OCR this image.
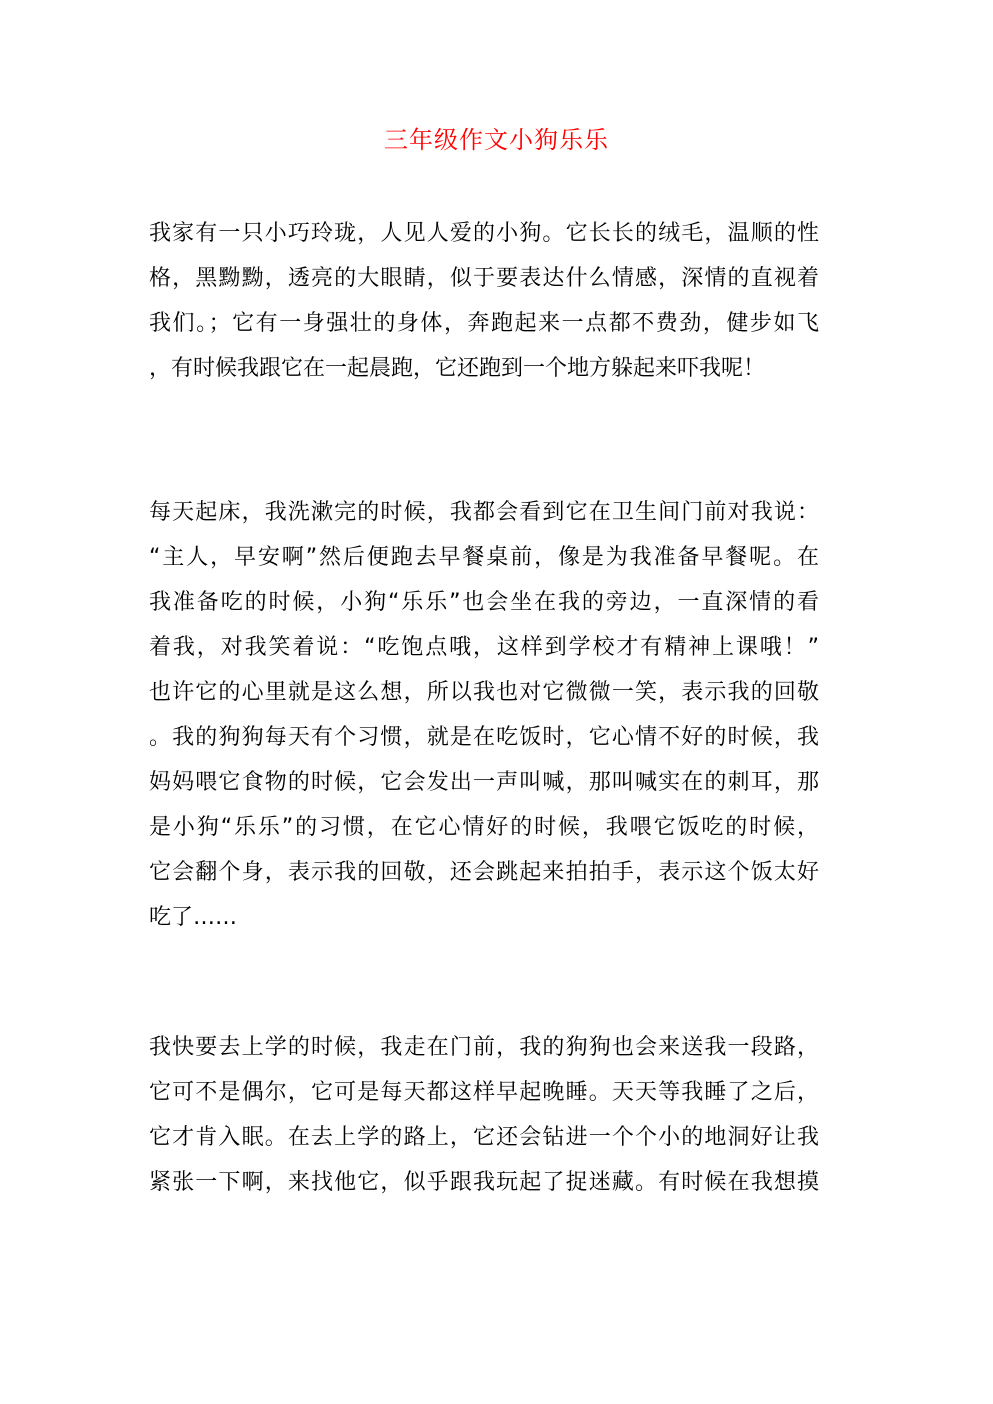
三年级作文小狗乐乐
我家有一只小巧玲珑，人见人爱的小狗。它长长的绒毛，温顺的性
格，黑黝黝，透亮的大眼睛，似于要表达什么情感，深情的直视着
我们。；它有一身强壮的身体，奔跑起来一点都不费劲，健步如飞
，有时候我跟它在一起晨跑，它还跑到一个地方躲起来吓我呢！
每天起床，我洗漱完的时候，我都会看到它在卫生间门前对我说：
“主人，早安啊”然后便跑去早餐桌前，像是为我准备早餐呢。在
我准备吃的时候，小狗“乐乐”也会坐在我的旁边，一直深情的看
着我，对我笑着说：“吃饱点哦，这样到学校才有精神上课哦！”
也许它的心里就是这么想，所以我也对它微微一笑，表示我的回敬
。我的狗狗每天有个习惯，就是在吃饭时，它心情不好的时候，我
妈妈喂它食物的时候，它会发出一声叫喊，那叫喊实在的刺耳，那
是小狗“乐乐”的习惯，在它心情好的时候，我喂它饭吃的时候，
它会翻个身，表示我的回敬，还会跳起来拍拍手，表示这个饭太好
吃了……
我快要去上学的时候，我走在门前，我的狗狗也会来送我一段路，
它可不是偶尔，它可是每天都这样早起晚睡。天天等我睡了之后，
它才肯入眠。在去上学的路上，它还会钻进一个个小的地洞好让我
紧张一下啊，来找他它，似乎跟我玩起了捉迷藏。有时候在我想摸
